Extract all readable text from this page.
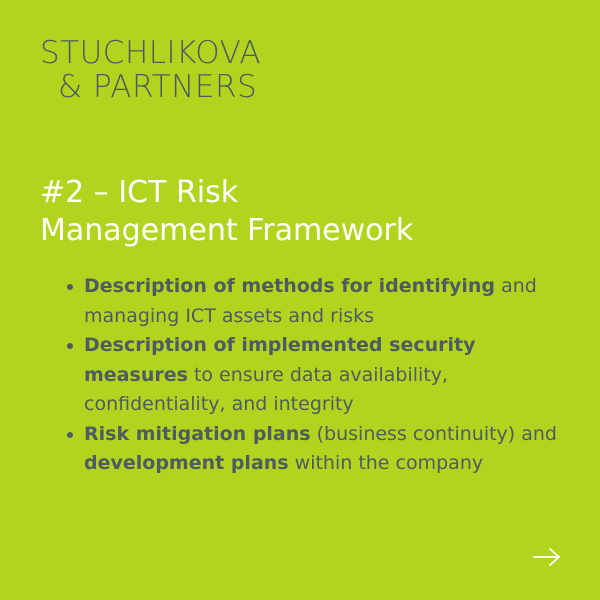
STUCHLIKOVA
& PARTNERS
#2 – ICT Risk
Management Framework
Description of methods for identifying and managing ICT assets and risks
Description of implemented security measures to ensure data availability, confidentiality, and integrity
Risk mitigation plans (business continuity) and development plans within the company
